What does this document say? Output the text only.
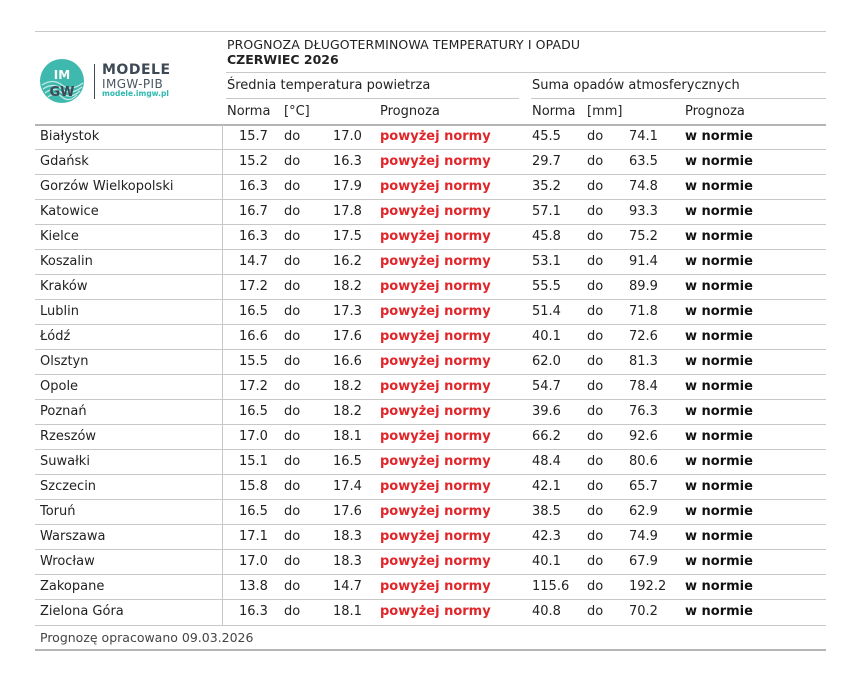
IM
GW
MODELE
IMGW-PIB
modele.imgw.pl
PROGNOZA DŁUGOTERMINOWA TEMPERATURY I OPADU
CZERWIEC 2026
Średnia temperatura powietrza	Suma opadów atmosferycznych
Norma [°C]	Prognoza	Norma [mm]	Prognoza
Białystok	15.7 do	17.0 powyżej normy	45.5 do 74.1 w normie
Gdańsk	15.2 do	16.3 powyżej normy	29.7 do 63.5 w normie
Gorzów Wielkopolski	16.3 do	17.9 powyżej normy	35.2 do 74.8 w normie
Katowice	16.7 do	17.8 powyżej normy	57.1 do 93.3 w normie
Kielce	16.3 do	17.5 powyżej normy	45.8 do 75.2 w normie
Koszalin	14.7 do	16.2 powyżej normy	53.1 do 91.4 w normie
Kraków	17.2 do	18.2 powyżej normy	55.5 do 89.9 w normie
Lublin	16.5 do	17.3 powyżej normy	51.4 do 71.8 w normie
Łódź	16.6 do	17.6 powyżej normy	40.1 do 72.6 w normie
Olsztyn	15.5 do	16.6 powyżej normy	62.0 do 81.3 w normie
Opole	17.2 do	18.2 powyżej normy	54.7 do 78.4 w normie
Poznań	16.5 do	18.2 powyżej normy	39.6 do 76.3 w normie
Rzeszów	17.0 do	18.1 powyżej normy	66.2 do 92.6 w normie
Suwałki	15.1 do	16.5 powyżej normy	48.4 do 80.6 w normie
Szczecin	15.8 do	17.4 powyżej normy	42.1 do 65.7 w normie
Toruń	16.5 do	17.6 powyżej normy	38.5 do 62.9 w normie
Warszawa	17.1 do	18.3 powyżej normy	42.3 do 74.9 w normie
Wrocław	17.0 do	18.3 powyżej normy	40.1 do 67.9 w normie
Zakopane	13.8 do	14.7 powyżej normy	115.6 do 192.2 w normie
Zielona Góra	16.3 do	18.1 powyżej normy	40.8 do 70.2 w normie
Prognozę opracowano 09.03.2026
